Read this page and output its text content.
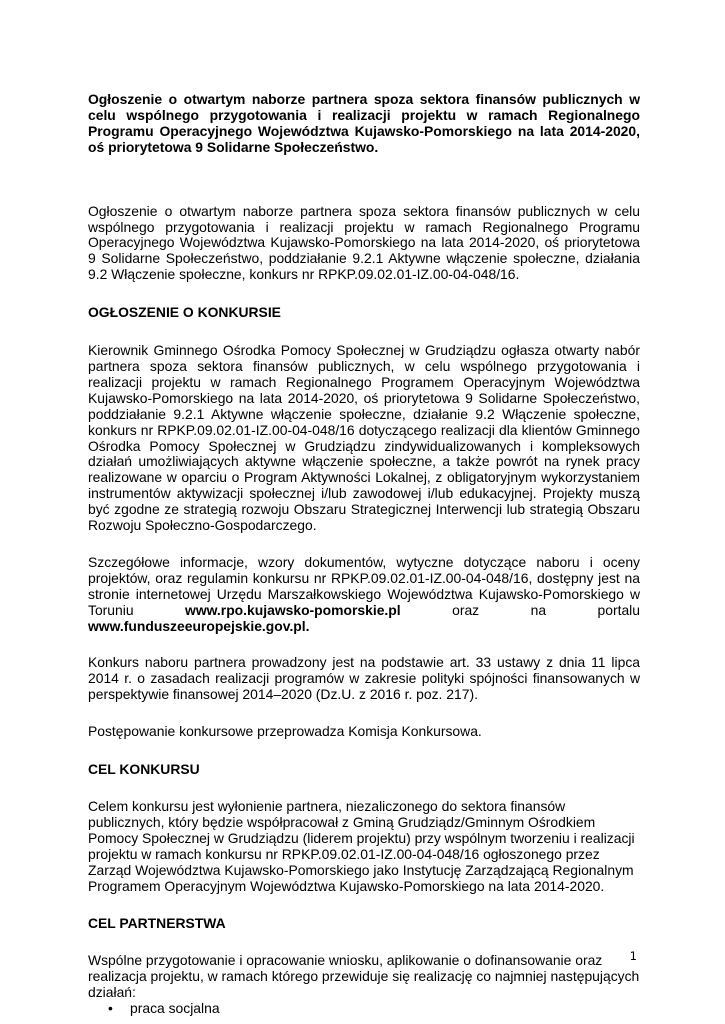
Ogłoszenie o otwartym naborze partnera spoza sektora finansów publicznych w celu wspólnego przygotowania i realizacji projektu w ramach Regionalnego Programu Operacyjnego Województwa Kujawsko-Pomorskiego na lata 2014-2020, oś priorytetowa 9 Solidarne Społeczeństwo.

Ogłoszenie o otwartym naborze partnera spoza sektora finansów publicznych w celu wspólnego przygotowania i realizacji projektu w ramach Regionalnego Programu Operacyjnego Województwa Kujawsko-Pomorskiego na lata 2014-2020, oś priorytetowa 9 Solidarne Społeczeństwo, poddziałanie 9.2.1 Aktywne włączenie społeczne, działania 9.2 Włączenie społeczne, konkurs nr RPKP.09.02.01-IZ.00-04-048/16.

OGŁOSZENIE O KONKURSIE

Kierownik Gminnego Ośrodka Pomocy Społecznej w Grudziądzu ogłasza otwarty nabór partnera spoza sektora finansów publicznych, w celu wspólnego przygotowania i realizacji projektu w ramach Regionalnego Programem Operacyjnym Województwa Kujawsko-Pomorskiego na lata 2014-2020, oś priorytetowa 9 Solidarne Społeczeństwo, poddziałanie 9.2.1 Aktywne włączenie społeczne, działanie 9.2 Włączenie społeczne, konkurs nr RPKP.09.02.01-IZ.00-04-048/16 dotyczącego realizacji dla klientów Gminnego Ośrodka Pomocy Społecznej w Grudziądzu zindywidualizowanych i kompleksowych działań umożliwiających aktywne włączenie społeczne, a także powrót na rynek pracy realizowane w oparciu o Program Aktywności Lokalnej, z obligatoryjnym wykorzystaniem instrumentów aktywizacji społecznej i/lub zawodowej i/lub edukacyjnej. Projekty muszą być zgodne ze strategią rozwoju Obszaru Strategicznej Interwencji lub strategią Obszaru Rozwoju Społeczno-Gospodarczego.

Szczegółowe informacje, wzory dokumentów, wytyczne dotyczące naboru i oceny projektów, oraz regulamin konkursu nr RPKP.09.02.01-IZ.00-04-048/16, dostępny jest na stronie internetowej Urzędu Marszałkowskiego Województwa Kujawsko-Pomorskiego w Toruniu www.rpo.kujawsko-pomorskie.pl oraz na portalu www.funduszeeuropejskie.gov.pl.

Konkurs naboru partnera prowadzony jest na podstawie art. 33 ustawy z dnia 11 lipca 2014 r. o zasadach realizacji programów w zakresie polityki spójności finansowanych w perspektywie finansowej 2014–2020 (Dz.U. z 2016 r. poz. 217).

Postępowanie konkursowe przeprowadza Komisja Konkursowa.

CEL KONKURSU

Celem konkursu jest wyłonienie partnera, niezaliczonego do sektora finansów publicznych, który będzie współpracował z Gminą Grudziądz/Gminnym Ośrodkiem Pomocy Społecznej w Grudziądzu (liderem projektu) przy wspólnym tworzeniu i realizacji projektu w ramach konkursu nr RPKP.09.02.01-IZ.00-04-048/16 ogłoszonego przez Zarząd Województwa Kujawsko-Pomorskiego jako Instytucję Zarządzającą Regionalnym Programem Operacyjnym Województwa Kujawsko-Pomorskiego na lata 2014-2020.

CEL PARTNERSTWA

Wspólne przygotowanie i opracowanie wniosku, aplikowanie o dofinansowanie oraz realizacja projektu, w ramach którego przewiduje się realizację co najmniej następujących działań:

• praca socjalna
1
